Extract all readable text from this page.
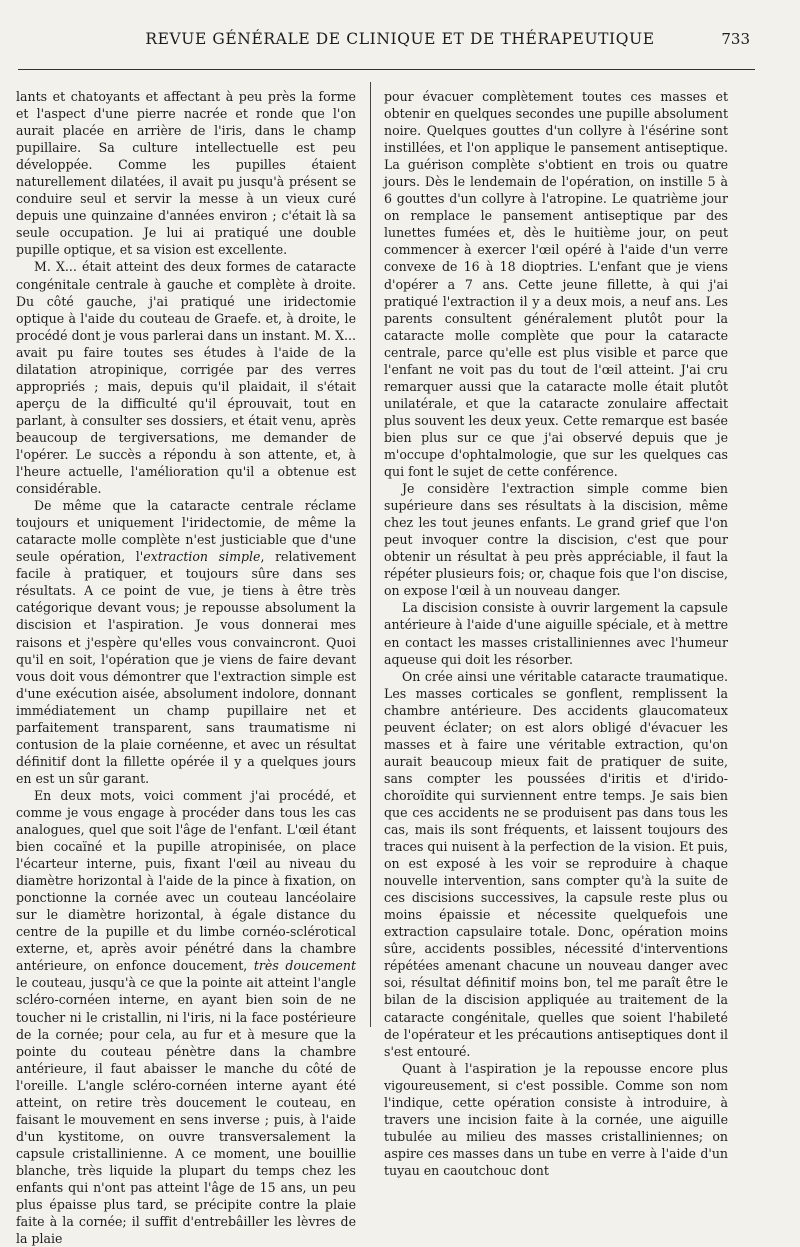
REVUE GÉNÉRALE DE CLINIQUE ET DE THÉRAPEUTIQUE	733

lants et chatoyants et affectant à peu près la forme et l'aspect d'une pierre nacrée et ronde que l'on aurait placée en arrière de l'iris, dans le champ pupillaire. Sa culture intellectuelle est peu développée. Comme les pupilles étaient naturellement dilatées, il avait pu jusqu'à présent se conduire seul et servir la messe à un vieux curé depuis une quinzaine d'années environ ; c'était là sa seule occupation. Je lui ai pratiqué une double pupille optique, et sa vision est excellente.

M. X... était atteint des deux formes de cataracte congénitale centrale à gauche et complète à droite. Du côté gauche, j'ai pratiqué une iridectomie optique à l'aide du couteau de Graefe. et, à droite, le procédé dont je vous parlerai dans un instant. M. X... avait pu faire toutes ses études à l'aide de la dilatation atropinique, corrigée par des verres appropriés ; mais, depuis qu'il plaidait, il s'était aperçu de la difficulté qu'il éprouvait, tout en parlant, à consulter ses dossiers, et était venu, après beaucoup de tergiversations, me demander de l'opérer. Le succès a répondu à son attente, et, à l'heure actuelle, l'amélioration qu'il a obtenue est considérable.

De même que la cataracte centrale réclame toujours et uniquement l'iridectomie, de même la cataracte molle complète n'est justiciable que d'une seule opération, l'extraction simple, relativement facile à pratiquer, et toujours sûre dans ses résultats. A ce point de vue, je tiens à être très catégorique devant vous; je repousse absolument la discision et l'aspiration. Je vous donnerai mes raisons et j'espère qu'elles vous convaincront. Quoi qu'il en soit, l'opération que je viens de faire devant vous doit vous démontrer que l'extraction simple est d'une exécution aisée, absolument indolore, donnant immédiatement un champ pupillaire net et parfaitement transparent, sans traumatisme ni contusion de la plaie cornéenne, et avec un résultat définitif dont la fillette opérée il y a quelques jours en est un sûr garant.

En deux mots, voici comment j'ai procédé, et comme je vous engage à procéder dans tous les cas analogues, quel que soit l'âge de l'enfant. L'œil étant bien cocaïné et la pupille atropinisée, on place l'écarteur interne, puis, fixant l'œil au niveau du diamètre horizontal à l'aide de la pince à fixation, on ponctionne la cornée avec un couteau lancéolaire sur le diamètre horizontal, à égale distance du centre de la pupille et du limbe cornéo-sclérotical externe, et, après avoir pénétré dans la chambre antérieure, on enfonce doucement, très doucement le couteau, jusqu'à ce que la pointe ait atteint l'angle scléro-cornéen interne, en ayant bien soin de ne toucher ni le cristallin, ni l'iris, ni la face postérieure de la cornée; pour cela, au fur et à mesure que la pointe du couteau pénètre dans la chambre antérieure, il faut abaisser le manche du côté de l'oreille. L'angle scléro-cornéen interne ayant été atteint, on retire très doucement le couteau, en faisant le mouvement en sens inverse ; puis, à l'aide d'un kystitome, on ouvre transversalement la capsule cristallinienne. A ce moment, une bouillie blanche, très liquide la plupart du temps chez les enfants qui n'ont pas atteint l'âge de 15 ans, un peu plus épaisse plus tard, se précipite contre la plaie faite à la cornée; il suffit d'entrebâiller les lèvres de la plaie

pour évacuer complètement toutes ces masses et obtenir en quelques secondes une pupille absolument noire. Quelques gouttes d'un collyre à l'ésérine sont instillées, et l'on applique le pansement antiseptique. La guérison complète s'obtient en trois ou quatre jours. Dès le lendemain de l'opération, on instille 5 à 6 gouttes d'un collyre à l'atropine. Le quatrième jour on remplace le pansement antiseptique par des lunettes fumées et, dès le huitième jour, on peut commencer à exercer l'œil opéré à l'aide d'un verre convexe de 16 à 18 dioptries. L'enfant que je viens d'opérer a 7 ans. Cette jeune fillette, à qui j'ai pratiqué l'extraction il y a deux mois, a neuf ans. Les parents consultent généralement plutôt pour la cataracte molle complète que pour la cataracte centrale, parce qu'elle est plus visible et parce que l'enfant ne voit pas du tout de l'œil atteint. J'ai cru remarquer aussi que la cataracte molle était plutôt unilatérale, et que la cataracte zonulaire affectait plus souvent les deux yeux. Cette remarque est basée bien plus sur ce que j'ai observé depuis que je m'occupe d'ophtalmologie, que sur les quelques cas qui font le sujet de cette conférence.

Je considère l'extraction simple comme bien supérieure dans ses résultats à la discision, même chez les tout jeunes enfants. Le grand grief que l'on peut invoquer contre la discision, c'est que pour obtenir un résultat à peu près appréciable, il faut la répéter plusieurs fois; or, chaque fois que l'on discise, on expose l'œil à un nouveau danger.

La discision consiste à ouvrir largement la capsule antérieure à l'aide d'une aiguille spéciale, et à mettre en contact les masses cristalliniennes avec l'humeur aqueuse qui doit les résorber.

On crée ainsi une véritable cataracte traumatique. Les masses corticales se gonflent, remplissent la chambre antérieure. Des accidents glaucomateux peuvent éclater; on est alors obligé d'évacuer les masses et à faire une véritable extraction, qu'on aurait beaucoup mieux fait de pratiquer de suite, sans compter les poussées d'iritis et d'irido-choroïdite qui surviennent entre temps. Je sais bien que ces accidents ne se produisent pas dans tous les cas, mais ils sont fréquents, et laissent toujours des traces qui nuisent à la perfection de la vision. Et puis, on est exposé à les voir se reproduire à chaque nouvelle intervention, sans compter qu'à la suite de ces discisions successives, la capsule reste plus ou moins épaissie et nécessite quelquefois une extraction capsulaire totale. Donc, opération moins sûre, accidents possibles, nécessité d'interventions répétées amenant chacune un nouveau danger avec soi, résultat définitif moins bon, tel me paraît être le bilan de la discision appliquée au traitement de la cataracte congénitale, quelles que soient l'habileté de l'opérateur et les précautions antiseptiques dont il s'est entouré.

Quant à l'aspiration je la repousse encore plus vigoureusement, si c'est possible. Comme son nom l'indique, cette opération consiste à introduire, à travers une incision faite à la cornée, une aiguille tubulée au milieu des masses cristalliniennes; on aspire ces masses dans un tube en verre à l'aide d'un tuyau en caoutchouc dont
